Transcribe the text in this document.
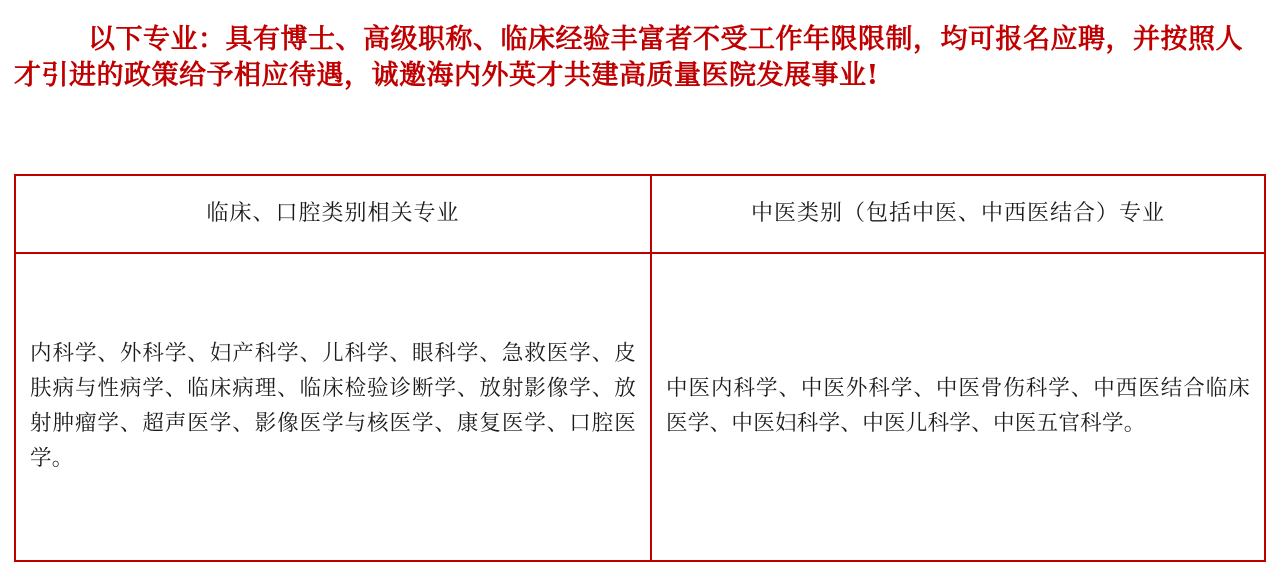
以下专业：具有博士、高级职称、临床经验丰富者不受工作年限限制，均可报名应聘，并按照人才引进的政策给予相应待遇，诚邀海内外英才共建高质量医院发展事业!
临床、口腔类别相关专业	中医类别（包括中医、中西医结合）专业
内科学、外科学、妇产科学、儿科学、眼科学、急救医学、皮肤病与性病学、临床病理、临床检验诊断学、放射影像学、放射肿瘤学、超声医学、影像医学与核医学、康复医学、口腔医学。
中医内科学、中医外科学、中医骨伤科学、中西医结合临床医学、中医妇科学、中医儿科学、中医五官科学。
